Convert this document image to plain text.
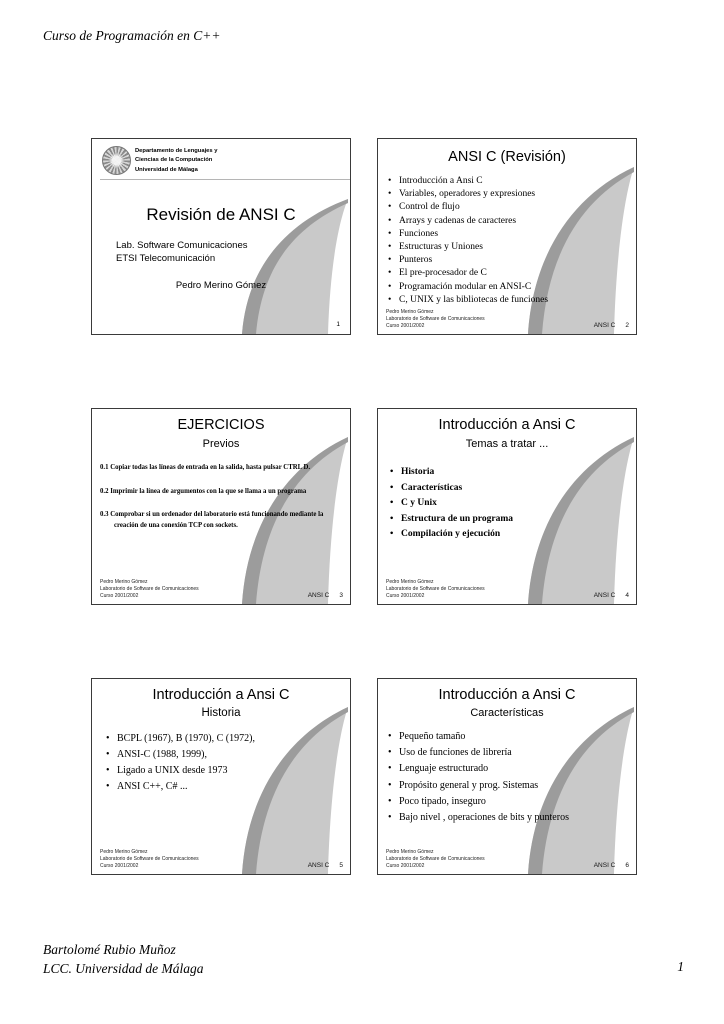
Curso de Programación en C++
Departamento de Lenguajes y
Ciencias de la Computación
Universidad de Málaga
Revisión de ANSI C
Lab. Software Comunicaciones
ETSI Telecomunicación
Pedro Merino Gómez
1
ANSI C (Revisión)
• Introducción a Ansi C
• Variables, operadores y expresiones
• Control de flujo
• Arrays y cadenas de caracteres
• Funciones
• Estructuras y Uniones
• Punteros
• El pre-procesador de C
• Programación modular en ANSI-C
• C, UNIX y las bibliotecas de funciones
Pedro Merino Gómez
Laboratorio de Software de Comunicaciones
Curso 2001/2002	ANSI C 2
EJERCICIOS
Previos
0.1 Copiar todas las líneas de entrada en la salida, hasta pulsar CTRL D.
0.2 Imprimir la línea de argumentos con la que se llama a un programa
0.3 Comprobar si un ordenador del laboratorio está funcionando mediante la creación de una conexión TCP con sockets.
Pedro Merino Gómez
Laboratorio de Software de Comunicaciones
Curso 2001/2002	ANSI C 3
Introducción a Ansi C
Temas a tratar ...
• Historia
• Características
• C y Unix
• Estructura de un programa
• Compilación y ejecución
Pedro Merino Gómez
Laboratorio de Software de Comunicaciones
Curso 2001/2002	ANSI C 4
Introducción a Ansi C
Historia
• BCPL (1967), B (1970), C (1972),
• ANSI-C (1988, 1999),
• Ligado a UNIX desde 1973
• ANSI C++, C# ...
Pedro Merino Gómez
Laboratorio de Software de Comunicaciones
Curso 2001/2002	ANSI C 5
Introducción a Ansi C
Características
• Pequeño tamaño
• Uso de funciones de librería
• Lenguaje estructurado
• Propósito general y prog. Sistemas
• Poco tipado, inseguro
• Bajo nivel , operaciones de bits y punteros
Pedro Merino Gómez
Laboratorio de Software de Comunicaciones
Curso 2001/2002	ANSI C 6
Bartolomé Rubio Muñoz
LCC. Universidad de Málaga	1
